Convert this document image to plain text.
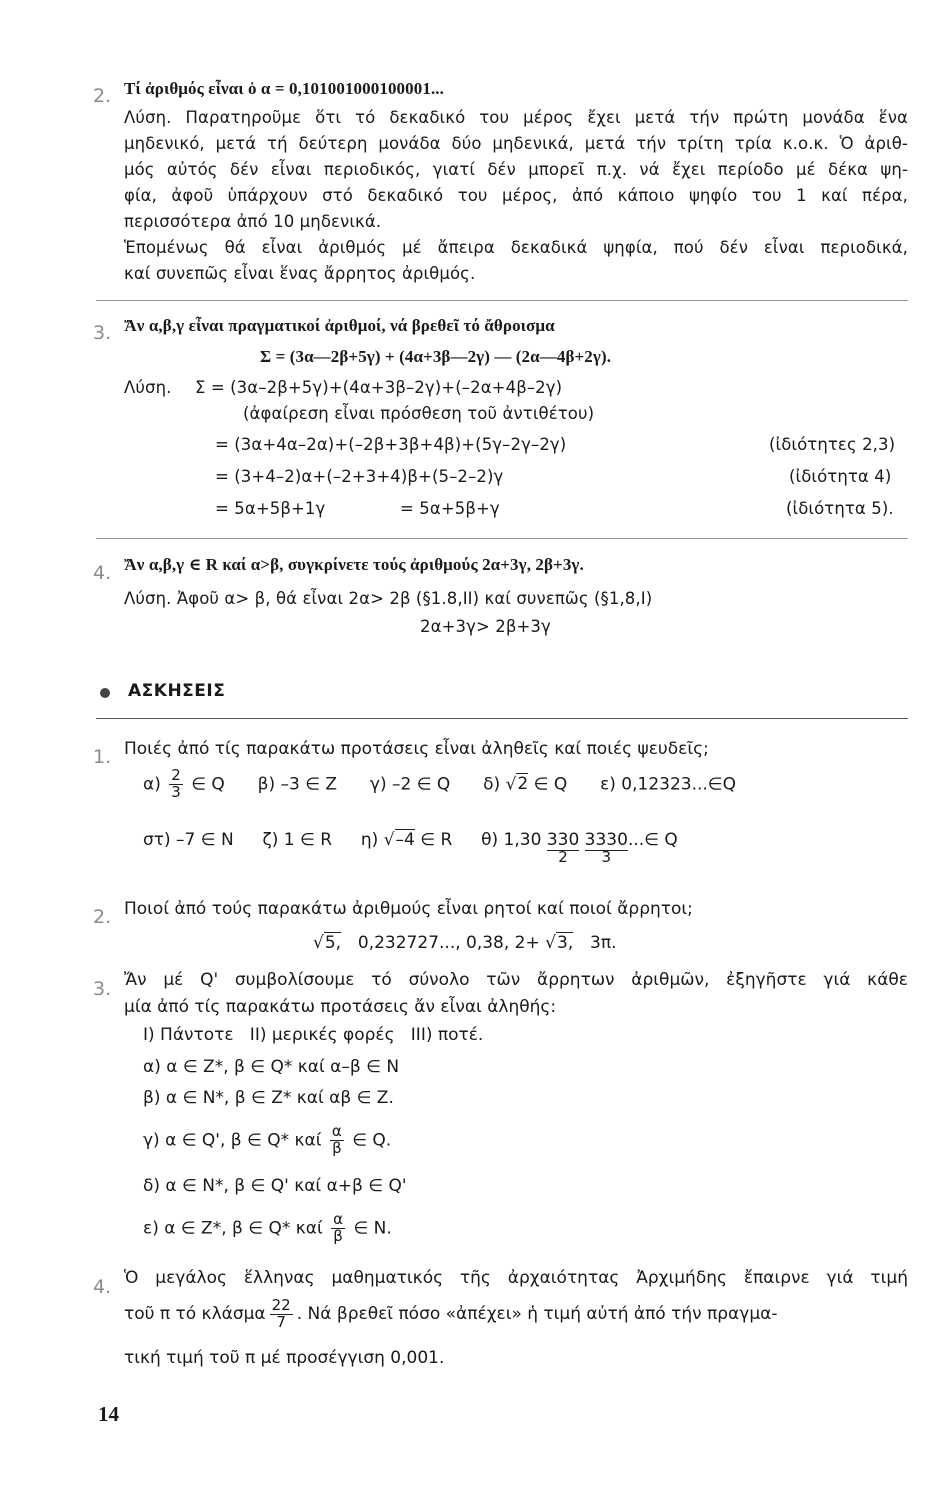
2. Τί ἀριθμός εἶναι ὁ α = 0,101001000100001...
Λύση. Παρατηροῦμε ὅτι τό δεκαδικό του μέρος ἔχει μετά τήν πρώτη μονάδα ἕνα
μηδενικό, μετά τή δεύτερη μονάδα δύο μηδενικά, μετά τήν τρίτη τρία κ.ο.κ. Ὁ ἀριθ-
μός αὐτός δέν εἶναι περιοδικός, γιατί δέν μπορεῖ π.χ. νά ἔχει περίοδο μέ δέκα ψη-
φία, ἀφοῦ ὑπάρχουν στό δεκαδικό του μέρος, ἀπό κάποιο ψηφίο του 1 καί πέρα,
περισσότερα ἀπό 10 μηδενικά.
Ἑπομένως θά εἶναι ἀριθμός μέ ἄπειρα δεκαδικά ψηφία, πού δέν εἶναι περιοδικά,
καί συνεπῶς εἶναι ἕνας ἄρρητος ἀριθμός.
3. Ἄν α,β,γ εἶναι πραγματικοί ἀριθμοί, νά βρεθεῖ τό ἄθροισμα
Σ = (3α—2β+5γ) + (4α+3β—2γ) — (2α—4β+2γ).
Λύση. Σ = (3α–2β+5γ)+(4α+3β–2γ)+(–2α+4β–2γ)
(ἀφαίρεση εἶναι πρόσθεση τοῦ ἀντιθέτου)
= (3α+4α–2α)+(–2β+3β+4β)+(5γ–2γ–2γ)	(ἰδιότητες 2,3)
= (3+4–2)α+(–2+3+4)β+(5–2–2)γ	(ἰδιότητα 4)
= 5α+5β+1γ	= 5α+5β+γ	(ἰδιότητα 5).
4. Ἄν α,β,γ ∈ R καί α>β, συγκρίνετε τούς ἀριθμούς 2α+3γ, 2β+3γ.
Λύση. Ἀφοῦ α> β, θά εἶναι 2α> 2β (§1.8,II) καί συνεπῶς (§1,8,I)
2α+3γ> 2β+3γ
ΑΣΚΗΣΕΙΣ
1. Ποιές ἀπό τίς παρακάτω προτάσεις εἶναι ἀληθεῖς καί ποιές ψευδεῖς;
$\alpha) \frac{2}{3}$ ∈ Q β) –3 ∈ Z γ) –2 ∈ Q δ) √2 ∈ Q ε) 0,12323...∈Q
στ) –7 ∈ N ζ) 1 ∈ R η) √–4 ∈ R θ) $1,30 \frac{330}{2} \frac{3330}{3}$ ...∈ Q
2. Ποιοί ἀπό τούς παρακάτω ἀριθμούς εἶναι ρητοί καί ποιοί ἄρρητοι;
√5, 0,232727..., 0,38, 2+ √3, 3π.
3. Ἄν μέ Q' συμβολίσουμε τό σύνολο τῶν ἄρρητων ἀριθμῶν, ἐξηγῆστε γιά κάθε
μία ἀπό τίς παρακάτω προτάσεις ἄν εἶναι ἀληθής:
I) Πάντοτε   II) μερικές φορές   III) ποτέ.
α) α ∈ Z*, β ∈ Q* καί α–β ∈ N
β) α ∈ N*, β ∈ Z* καί αβ ∈ Z.
γ) α ∈ Q', β ∈ Q* καί $\frac{\alpha}{\beta}$ ∈ Q.
δ) α ∈ N*, β ∈ Q' καί α+β ∈ Q'
ε) α ∈ Z*, β ∈ Q* καί $\frac{\alpha}{\beta}$ ∈ N.
4. Ὁ μεγάλος ἕλληνας μαθηματικός τῆς ἀρχαιότητας Ἀρχιμήδης ἔπαιρνε γιά τιμή
τοῦ π τό κλάσμα $\frac{22}{7}$ . Νά βρεθεῖ πόσο «ἀπέχει» ἡ τιμή αὐτή ἀπό τήν πραγμα-
τική τιμή τοῦ π μέ προσέγγιση 0,001.
14
